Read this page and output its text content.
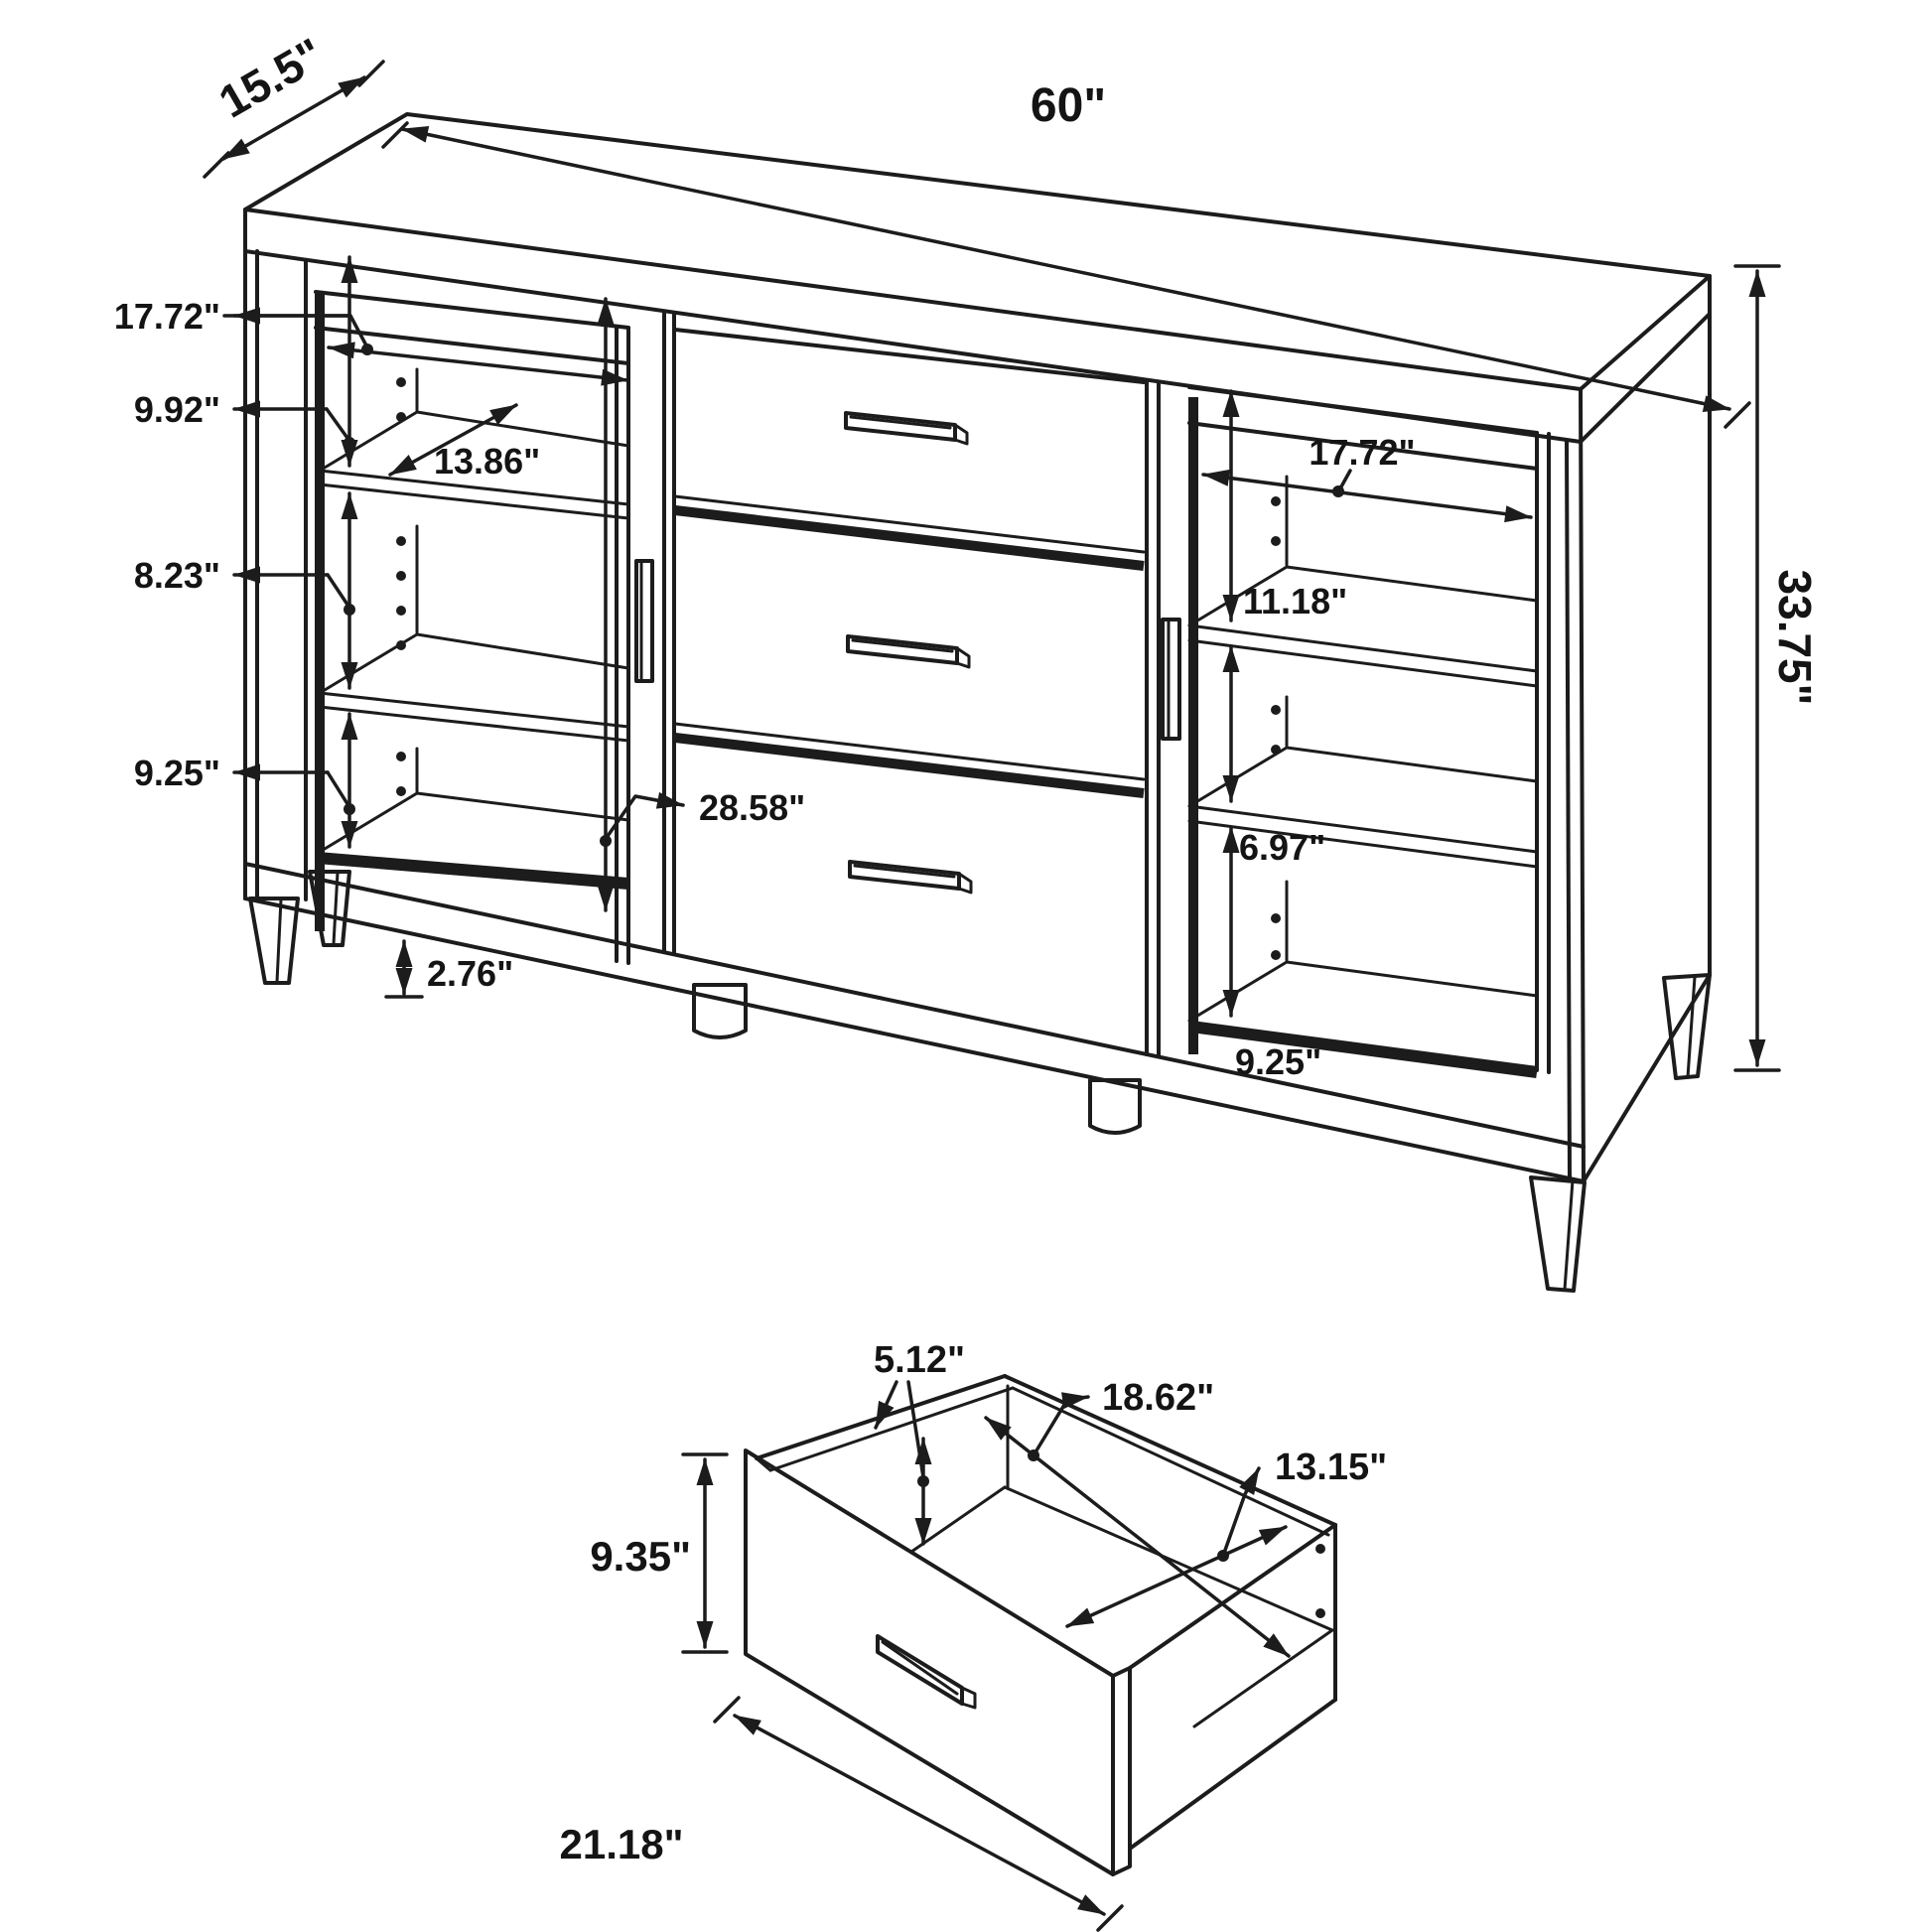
15.5"	60"
33.75"
17.72"
9.92"
13.86"
8.23"
9.25"
28.58"
2.76"
17.72"
11.18"
6.97"
9.25"
9.35"
21.18"
5.12"
18.62"
13.15"
